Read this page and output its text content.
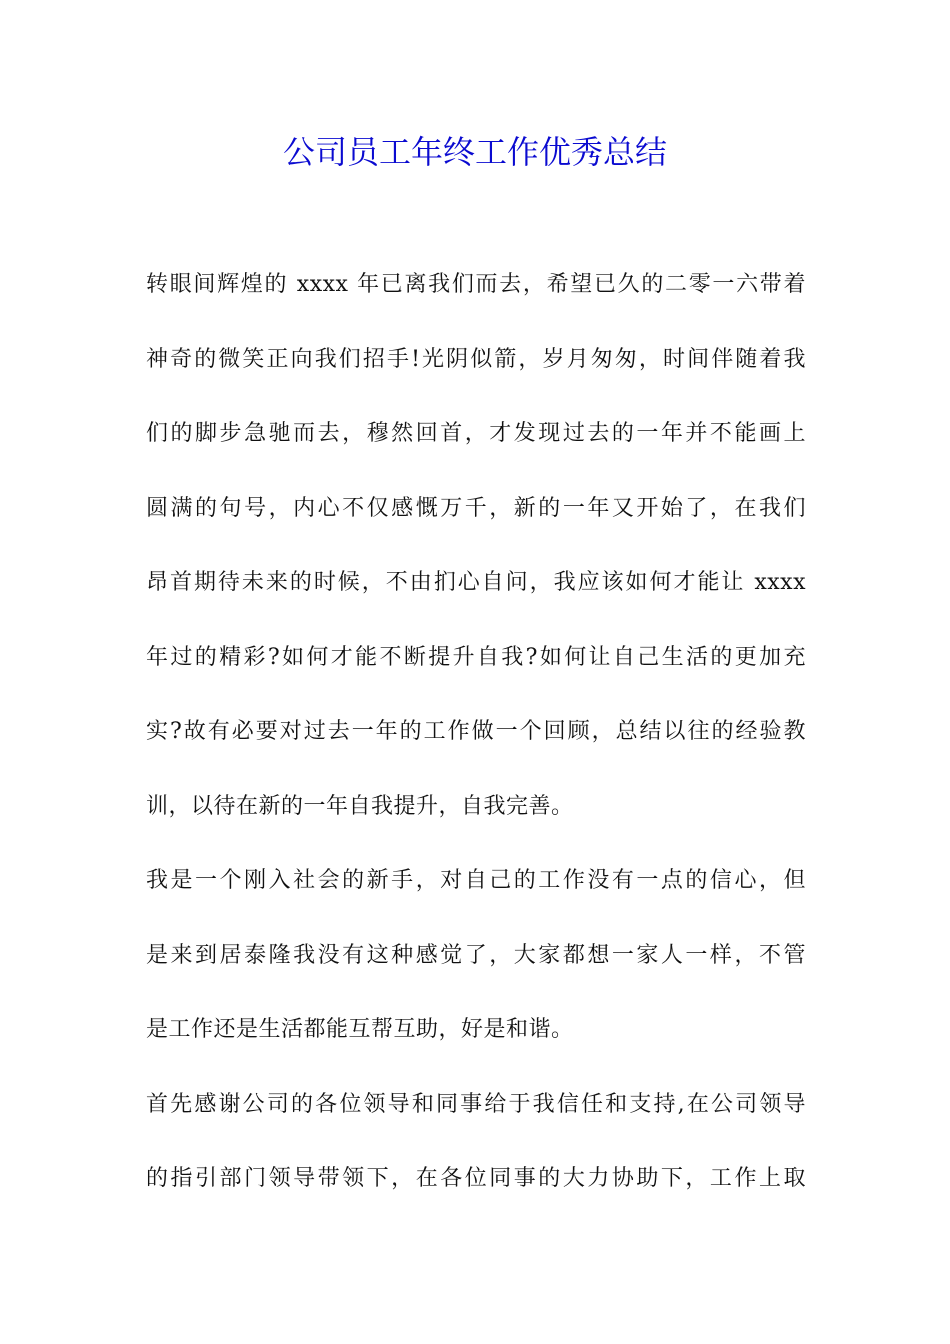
公司员工年终工作优秀总结
转眼间辉煌的 xxxx 年已离我们而去，希望已久的二零一六带着
神奇的微笑正向我们招手!光阴似箭，岁月匆匆，时间伴随着我
们的脚步急驰而去，穆然回首，才发现过去的一年并不能画上
圆满的句号，内心不仅感慨万千，新的一年又开始了，在我们
昂首期待未来的时候，不由扪心自问，我应该如何才能让 xxxx
年过的精彩?如何才能不断提升自我?如何让自己生活的更加充
实?故有必要对过去一年的工作做一个回顾，总结以往的经验教
训，以待在新的一年自我提升，自我完善。
我是一个刚入社会的新手，对自己的工作没有一点的信心，但
是来到居泰隆我没有这种感觉了，大家都想一家人一样，不管
是工作还是生活都能互帮互助，好是和谐。
首先感谢公司的各位领导和同事给于我信任和支持,在公司领导
的指引部门领导带领下，在各位同事的大力协助下，工作上取
